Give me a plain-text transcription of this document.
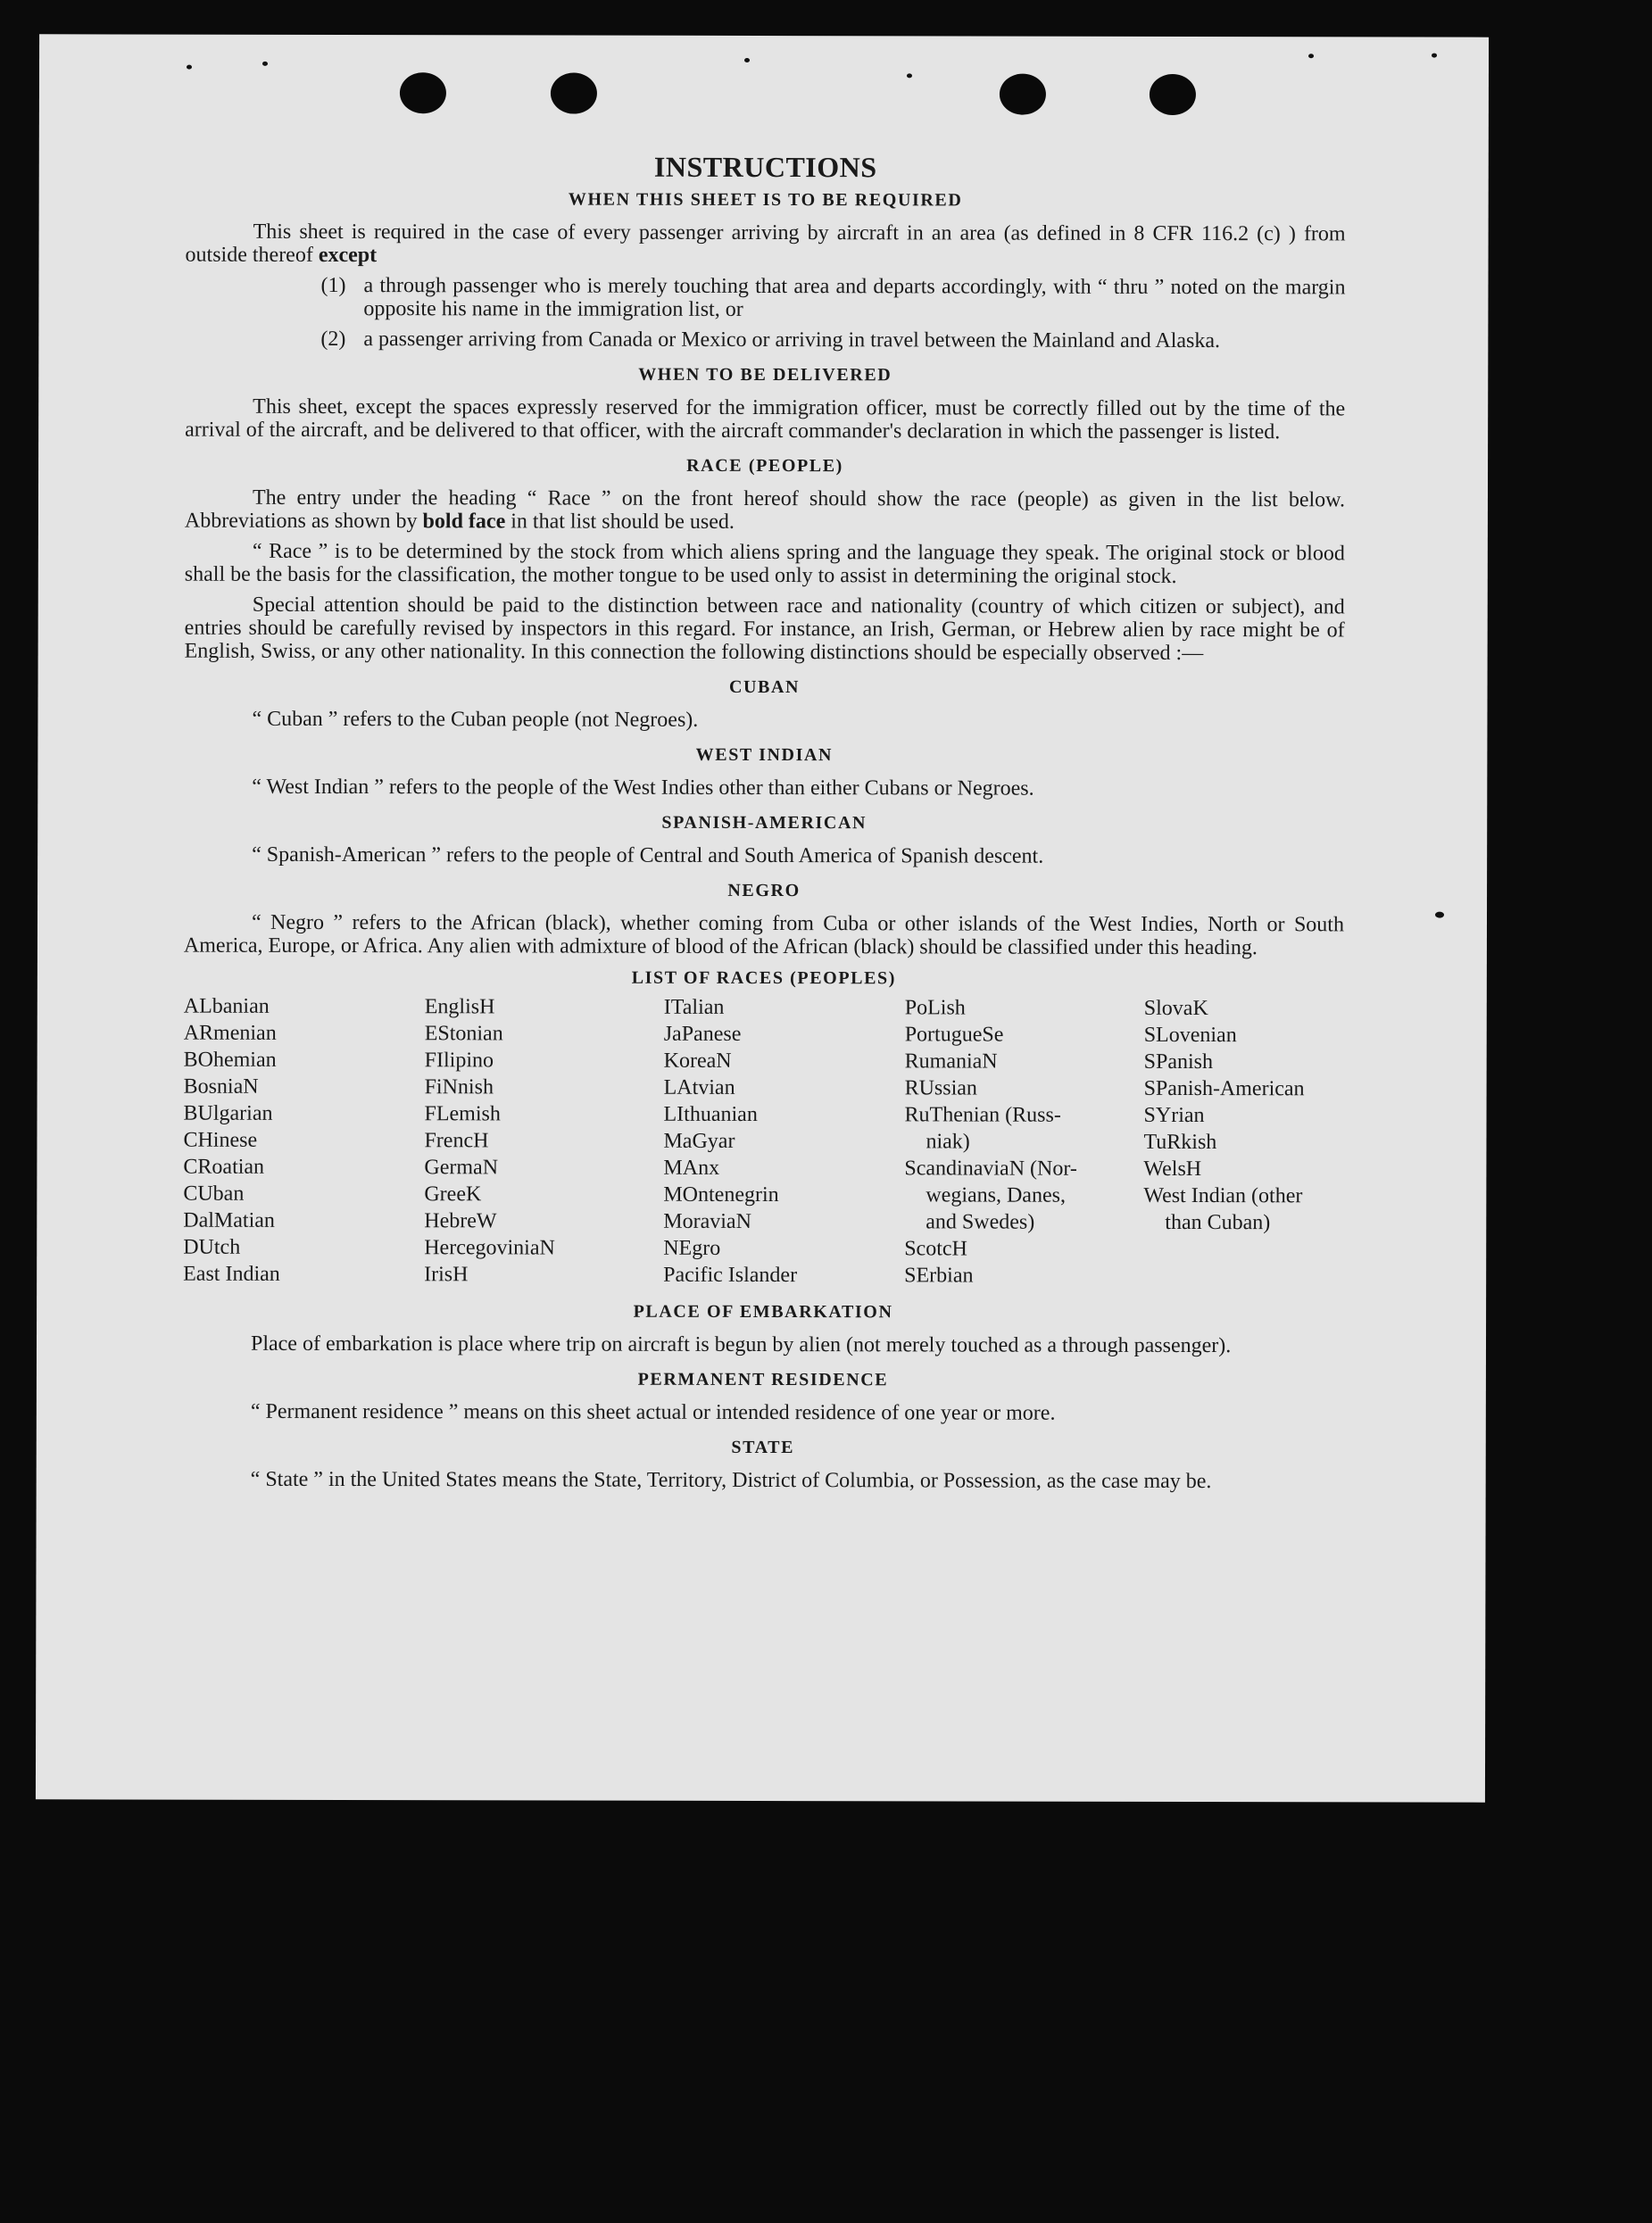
INSTRUCTIONS
WHEN THIS SHEET IS TO BE REQUIRED

This sheet is required in the case of every passenger arriving by aircraft in an area (as defined in 8 CFR 116.2 (c) ) from outside thereof except

(1) a through passenger who is merely touching that area and departs accordingly, with “ thru ” noted on the margin opposite his name in the immigration list, or
(2) a passenger arriving from Canada or Mexico or arriving in travel between the Mainland and Alaska.
WHEN TO BE DELIVERED

This sheet, except the spaces expressly reserved for the immigration officer, must be correctly filled out by the time of the arrival of the aircraft, and be delivered to that officer, with the aircraft commander's declaration in which the passenger is listed.

RACE (PEOPLE)

The entry under the heading “ Race ” on the front hereof should show the race (people) as given in the list below. Abbreviations as shown by bold face in that list should be used.

“ Race ” is to be determined by the stock from which aliens spring and the language they speak. The original stock or blood shall be the basis for the classification, the mother tongue to be used only to assist in determining the original stock.

Special attention should be paid to the distinction between race and nationality (country of which citizen or subject), and entries should be carefully revised by inspectors in this regard. For instance, an Irish, German, or Hebrew alien by race might be of English, Swiss, or any other nationality. In this connection the following distinctions should be especially observed :—

CUBAN

“ Cuban ” refers to the Cuban people (not Negroes).

WEST INDIAN

“ West Indian ” refers to the people of the West Indies other than either Cubans or Negroes.

SPANISH-AMERICAN

“ Spanish-American ” refers to the people of Central and South America of Spanish descent.

NEGRO

“ Negro ” refers to the African (black), whether coming from Cuba or other islands of the West Indies, North or South America, Europe, or Africa. Any alien with admixture of blood of the African (black) should be classified under this heading.

LIST OF RACES (PEOPLES)
ALbanian
ARmenian
BOhemian
BosniaN
BUlgarian
CHinese
CRoatian
CUban
DalMatian
DUtch
East Indian
EnglisH
EStonian
FIlipino
FiNnish
FLemish
FrencH
GermaN
GreeK
HebreW
HercegoviniaN
IrisH
ITalian
JaPanese
KoreaN
LAtvian
LIthuanian
MaGyar
MAnx
MOntenegrin
MoraviaN
NEgro
Pacific Islander
PoLish
PortugueSe
RumaniaN
RUssian
RuThenian (Russ-
niak)
ScandinaviaN (Nor-
wegians, Danes,
and Swedes)
ScotcH
SErbian
SlovaK
SLovenian
SPanish
SPanish-American
SYrian
TuRkish
WelsH
West Indian (other
than Cuban)
PLACE OF EMBARKATION

Place of embarkation is place where trip on aircraft is begun by alien (not merely touched as a through passenger).

PERMANENT RESIDENCE

“ Permanent residence ” means on this sheet actual or intended residence of one year or more.

STATE

“ State ” in the United States means the State, Territory, District of Columbia, or Possession, as the case may be.
